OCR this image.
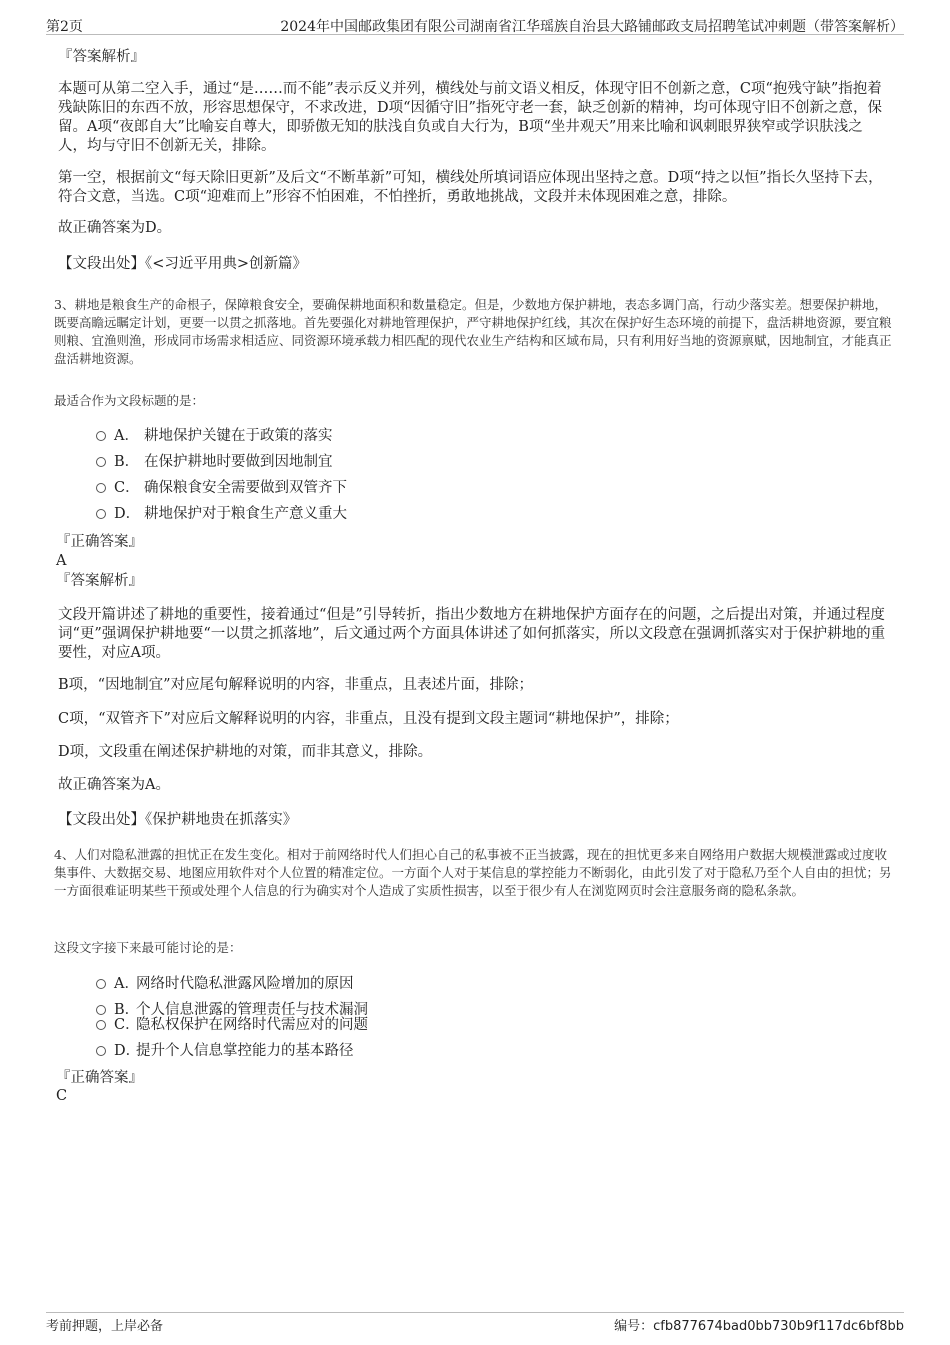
第2页	2024年中国邮政集团有限公司湖南省江华瑶族自治县大路铺邮政支局招聘笔试冲刺题（带答案解析）
『答案解析』
本题可从第二空入手，通过“是……而不能”表示反义并列，横线处与前文语义相反，体现守旧不创新之意，C项“抱残守缺”指抱着残缺陈旧的东西不放，形容思想保守，不求改进，D项“因循守旧”指死守老一套，缺乏创新的精神，均可体现守旧不创新之意，保留。A项“夜郎自大”比喻妄自尊大，即骄傲无知的肤浅自负或自大行为，B项“坐井观天”用来比喻和讽刺眼界狭窄或学识肤浅之人，均与守旧不创新无关，排除。
第一空，根据前文“每天除旧更新”及后文“不断革新”可知，横线处所填词语应体现出坚持之意。D项“持之以恒”指长久坚持下去，符合文意，当选。C项“迎难而上”形容不怕困难，不怕挫折，勇敢地挑战，文段并未体现困难之意，排除。
故正确答案为D。
【文段出处】《<习近平用典>创新篇》
3、耕地是粮食生产的命根子，保障粮食安全，要确保耕地面积和数量稳定。但是，少数地方保护耕地，表态多调门高，行动少落实差。想要保护耕地，既要高瞻远瞩定计划，更要一以贯之抓落地。首先要强化对耕地管理保护，严守耕地保护红线，其次在保护好生态环境的前提下，盘活耕地资源，要宜粮则粮、宜渔则渔，形成同市场需求相适应、同资源环境承载力相匹配的现代农业生产结构和区域布局，只有利用好当地的资源禀赋，因地制宜，才能真正盘活耕地资源。
最适合作为文段标题的是：
A． 耕地保护关键在于政策的落实
B． 在保护耕地时要做到因地制宜
C． 确保粮食安全需要做到双管齐下
D． 耕地保护对于粮食生产意义重大
『正确答案』
A
『答案解析』
文段开篇讲述了耕地的重要性，接着通过“但是”引导转折，指出少数地方在耕地保护方面存在的问题，之后提出对策，并通过程度词“更”强调保护耕地要“一以贯之抓落地”，后文通过两个方面具体讲述了如何抓落实，所以文段意在强调抓落实对于保护耕地的重要性，对应A项。
B项，“因地制宜”对应尾句解释说明的内容，非重点，且表述片面，排除；
C项，“双管齐下”对应后文解释说明的内容，非重点，且没有提到文段主题词“耕地保护”，排除；
D项，文段重在阐述保护耕地的对策，而非其意义，排除。
故正确答案为A。
【文段出处】《保护耕地贵在抓落实》
4、人们对隐私泄露的担忧正在发生变化。相对于前网络时代人们担心自己的私事被不正当披露，现在的担忧更多来自网络用户数据大规模泄露或过度收集事件、大数据交易、地图应用软件对个人位置的精准定位。一方面个人对于某信息的掌控能力不断弱化，由此引发了对于隐私乃至个人自由的担忧；另一方面很难证明某些干预或处理个人信息的行为确实对个人造成了实质性损害，以至于很少有人在浏览网页时会注意服务商的隐私条款。
这段文字接下来最可能讨论的是：
A．网络时代隐私泄露风险增加的原因
B．个人信息泄露的管理责任与技术漏洞
C．隐私权保护在网络时代需应对的问题
D．提升个人信息掌控能力的基本路径
『正确答案』
C
考前押题，上岸必备	编号：cfb877674bad0bb730b9f117dc6bf8bb
